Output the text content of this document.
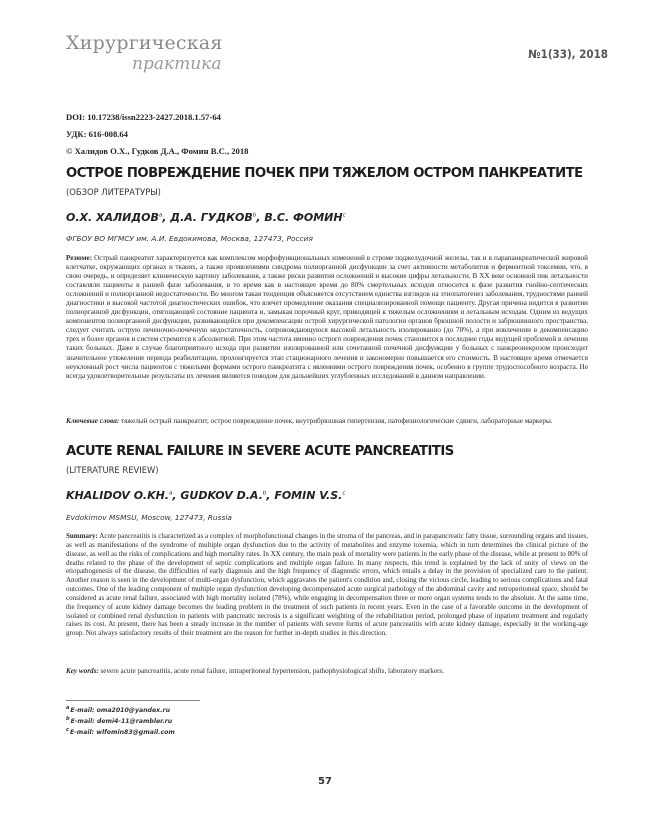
Хирургическая
практика	№1(33), 2018
DOI: 10.17238/issn2223-2427.2018.1.57-64
УДК: 616-008.64
© Халидов О.Х., Гудков Д.А., Фомин В.С., 2018
ОСТРОЕ ПОВРЕЖДЕНИЕ ПОЧЕК ПРИ ТЯЖЕЛОМ ОСТРОМ ПАНКРЕАТИТЕ
(ОБЗОР ЛИТЕРАТУРЫ)
О.Х. ХАЛИДОВ$^a$, Д.А. ГУДКОВ$^b$, В.С. ФОМИН$^c$
ФГБОУ ВО МГМСУ им. А.И. Евдокимова, Москва, 127473, Россия

Резюме: Острый панкреатит характеризуется как комплексом морфофункциональных изменений в строме поджелудочной железы, так и в парапанкреатической жировой клетчатке, окружающих органах и тканях, а также проявлениями синдрома полиорганной дисфункции за счет активности метаболитов и ферментной токсемии, что, в свою очередь, и определяет клиническую картину заболевания, а также риски развития осложнений и высокие цифры летальности. В ХХ веке основной пик летальности составляли пациенты в ранней фазе заболевания, в то время как в настоящее время до 80% смертельных исходов относится к фазе развития гнойно-септических осложнений и полиорганной недостаточности. Во многом такая тенденция объясняется отсутствием единства взглядов на этиопатогенез заболевания, трудностями ранней диагностики и высокой частотой диагностических ошибок, что влечет промедление оказания специализированной помощи пациенту. Другая причина видится в развитии полиорганной дисфункции, отягощающей состояние пациента и, замыкая порочный круг, приводящей к тяжелым осложнениям и летальным исходам. Одним из ведущих компонентов полиорганной дисфункции, развивающейся при декомпенсации острой хирургической патологии органов брюшной полости и забрюшинного пространства, следует считать острую печеночно-почечную недостаточность, сопровождающуюся высокой летальность изолированно (до 78%), а при вовлечении в декомпенсацию трех и более органов и систем стремится к абсолютной. При этом частота именно острого повреждения почек становится в последние годы ведущей проблемой в лечении таких больных. Даже в случае благоприятного исхода при развитии изолированной или сочетанной почечной дисфункции у больных с панкреонекрозом происходит значительное утяжеление периода реабилитации, пролонгируется этап стационарного лечения и закономерно повышается его стоимость. В настоящее время отмечается неуклонный рост числа пациентов с тяжелыми формами острого панкреатита с явлениями острого повреждения почек, особенно в группе трудоспособного возраста. Не всегда удовлетворительные результаты их лечения являются поводом для дальнейших углубленных исследований в данном направлении.

Ключевые слова: тяжелый острый панкреатит, острое повреждение почек, внутрибрюшная гипертензия, патофизиологические сдвиги, лабораторные маркеры.

ACUTE RENAL FAILURE IN SEVERE ACUTE PANCREATITIS
(LITERATURE REVIEW)
KHALIDOV O.KH.$^a$, GUDKOV D.A.$^b$, FOMIN V.S.$^c$
Evdokimov MSMSU, Moscow, 127473, Russia

Summary: Acute pancreatitis is characterized as a complex of morphofunctional changes in the stroma of the pancreas, and in parapancreatic fatty tissue, surrounding organs and tissues, as well as manifestations of the syndrome of multiple organ dysfunction due to the activity of metabolites and enzyme toxemia, which in turn determines the clinical picture of the disease, as well as the risks of complications and high mortality rates. In XX century, the main peak of mortality were patients in the early phase of the disease, while at present to 80% of deaths related to the phase of the development of septic complications and multiple organ failure. In many respects, this trend is explained by the lack of unity of views on the etiopathogenesis of the disease, the difficulties of early diagnosis and the high frequency of diagnostic errors, which entails a delay in the provision of specialized care to the patient. Another reason is seen in the development of multi-organ dysfunction, which aggravates the patient's condition and, closing the vicious circle, leading to serious complications and fatal outcomes. One of the leading component of multiple organ dysfunction developing decompensated acute surgical pathology of the abdominal cavity and retroperitoneal space, should be considered as acute renal failure, associated with high mortality isolated (78%), while engaging in decompensation three or more organ systems tends to the absolute. At the same time, the frequency of acute kidney damage becomes the leading problem in the treatment of such patients in recent years. Even in the case of a favorable outcome in the development of isolated or combined renal dysfunction in patients with pancreatic necrosis is a significant weighting of the rehabilitation period, prolonged phase of inpatient treatment and regularly raises its cost. At present, there has been a steady increase in the number of patients with severe forms of acute pancreatitis with acute kidney damage, especially in the working-age group. Not always satisfactory results of their treatment are the reason for further in-depth studies in this direction.

Key words: severe acute pancreatitis, acute renal failure, intraperitoneal hypertension, pathophysiological shifts, laboratory markers.

$^a$E-mail: oma2010@yandex.ru
$^b$E-mail: demi4-11@rambler.ru
$^c$E-mail: wlfomin83@gmail.com
57
